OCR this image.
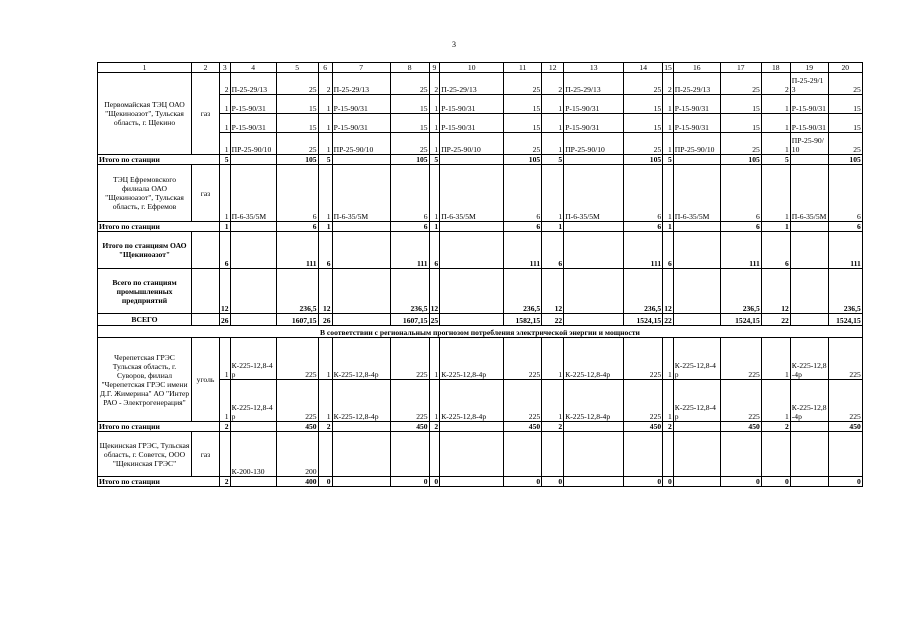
3
1	2	3	4	5	6	7	8	9	10	11	12	13	14	15	16	17	18	19	20
Первомайская ТЭЦ ОАО "Щекиноазот", Тульская область, г. Щекино	газ	2	П-25-29/13	25	2	П-25-29/13	25	2	П-25-29/13	25	2	П-25-29/13	25	2	П-25-29/13	25	2	П-25-29/13	25
		1	Р-15-90/31	15	1	Р-15-90/31	15	1	Р-15-90/31	15	1	Р-15-90/31	15	1	Р-15-90/31	15	1	Р-15-90/31	15
		1	Р-15-90/31	15	1	Р-15-90/31	15	1	Р-15-90/31	15	1	Р-15-90/31	15	1	Р-15-90/31	15	1	Р-15-90/31	15
		1	ПР-25-90/10	25	1	ПР-25-90/10	25	1	ПР-25-90/10	25	1	ПР-25-90/10	25	1	ПР-25-90/10	25	1	ПР-25-90/10	25
Итого по станции		5		105	5		105	5		105	5		105	5		105	5		105
ТЭЦ Ефремовского филиала ОАО "Щекиноазот", Тульская область, г. Ефремов	газ	1	П-6-35/5М	6	1	П-6-35/5М	6	1	П-6-35/5М	6	1	П-6-35/5М	6	1	П-6-35/5М	6	1	П-6-35/5М	6
Итого по станции		1		6	1		6	1		6	1		6	1		6	1		6
Итого по станциям ОАО "Щекиноазот"		6		111	6		111	6		111	6		111	6		111	6		111
Всего по станциям промышленных предприятий		12		236,5	12		236,5	12		236,5	12		236,5	12		236,5	12		236,5
ВСЕГО		26		1607,15	26		1607,15	25		1582,15	22		1524,15	22		1524,15	22		1524,15
В соответствии с региональным прогнозом потребления электрической энергии и мощности																			
Черепетская ГРЭС Тульская область, г. Суворов, филиал "Черепетская ГРЭС имени Д.Г. Жимерина" АО "Интер РАО - Электрогенерация"	уголь	1	К-225-12,8-4р	225	1	К-225-12,8-4р	225	1	К-225-12,8-4р	225	1	К-225-12,8-4р	225	1	К-225-12,8-4р	225	1	К-225-12,8-4р	225
		1	К-225-12,8-4р	225	1	К-225-12,8-4р	225	1	К-225-12,8-4р	225	1	К-225-12,8-4р	225	1	К-225-12,8-4р	225	1	К-225-12,8-4р	225
Итого по станции		2		450	2		450	2		450	2		450	2		450	2		450
Щекинская ГРЭС, Тульская область, г. Советск, ООО "Щекинская ГРЭС"	газ		К-200-130	200															
Итого по станции		2		400	0		0	0		0	0		0	0		0	0		0
